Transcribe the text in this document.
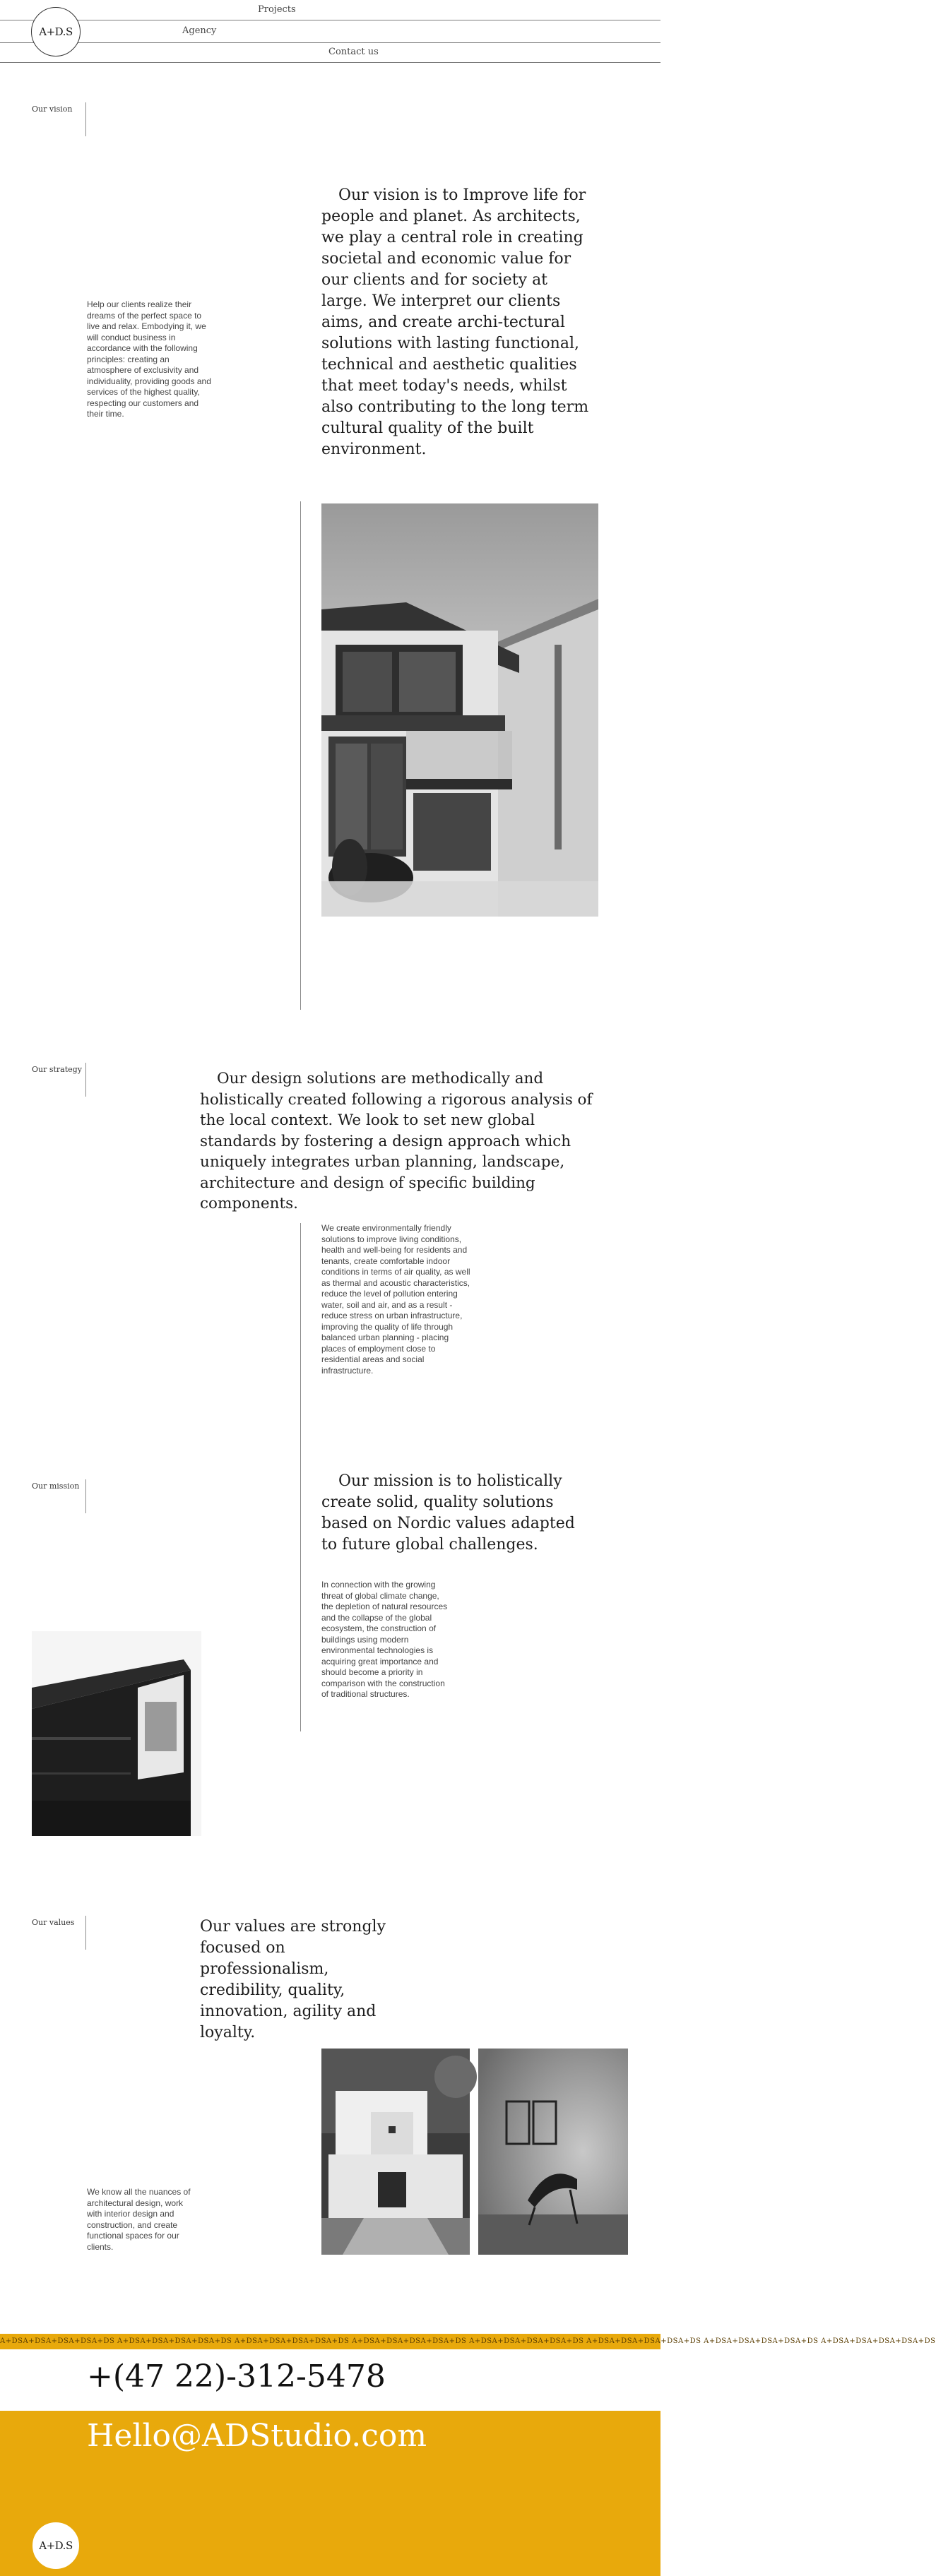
Projects
Agency
Contact us
A+D.S
Our vision
Our vision is to Improve life for people and planet. As architects, we play a central role in creating societal and economic value for our clients and for society at large. We interpret our clients aims, and create archi-tectural solutions with lasting functional, technical and aesthetic qualities that meet today's needs, whilst also contributing to the long term cultural quality of the built environment.
Help our clients realize their dreams of the perfect space to live and relax. Embodying it, we will conduct business in accordance with the following principles: creating an atmosphere of exclusivity and individuality, providing goods and services of the highest quality, respecting our customers and their time.
Our strategy
Our design solutions are methodically and holistically created following a rigorous analysis of the local context. We look to set new global standards by fostering a design approach which uniquely integrates urban planning, landscape, architecture and design of specific building components.
We create environmentally friendly solutions to improve living conditions, health and well-being for residents and tenants, create comfortable indoor conditions in terms of air quality, as well as thermal and acoustic characteristics, reduce the level of pollution entering water, soil and air, and as a result - reduce stress on urban infrastructure, improving the quality of life through balanced urban planning - placing places of employment close to residential areas and social infrastructure.
Our mission	Our mission is to holistically create solid, quality solutions based on Nordic values adapted to future global challenges.
In connection with the growing threat of global climate change, the depletion of natural resources and the collapse of the global ecosystem, the construction of buildings using modern environmental technologies is acquiring great importance and should become a priority in comparison with the construction of traditional structures.
Our values	Our values are strongly focused on professionalism, credibility, quality, innovation, agility and loyalty.
We know all the nuances of architectural design, work with interior design and construction, and create functional spaces for our clients.
A+DSA+DSA+DSA+DSA+DS A+DSA+DSA+DSA+DSA+DS A+DSA+DSA+DSA+DSA+DS A+DSA+DSA+DSA+DSA+DS A+DSA+DSA+DSA+DSA+DS A+DSA+DSA+DSA+DSA+DS A+DSA+DSA+DSA+DSA+DS A+DSA+DSA+DSA+DSA+DS
+(47 22)-312-5478
Hello@ADStudio.com
A+D.S
